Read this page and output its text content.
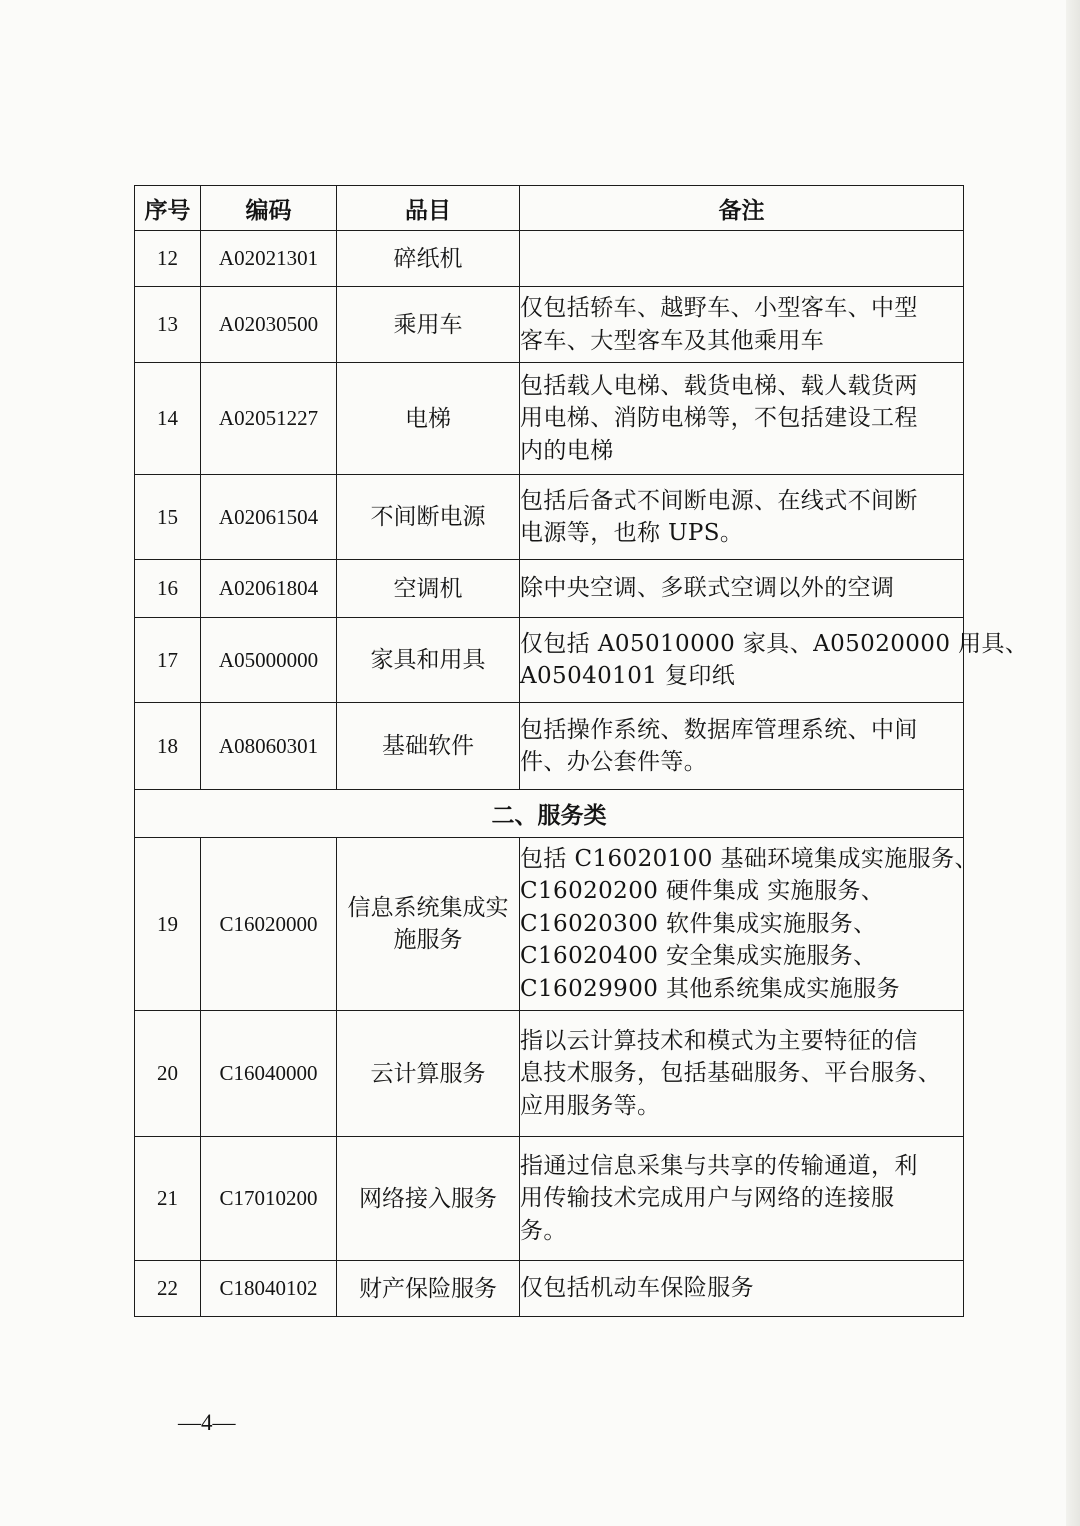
序号	编码	品目	备注
12	A02021301	碎纸机	

13	A02030500	乘用车	仅包括轿车、越野车、小型客车、中型
客车、大型客车及其他乘用车

14	A02051227	电梯	包括载人电梯、载货电梯、载人载货两
用电梯、消防电梯等，不包括建设工程
内的电梯

15	A02061504	不间断电源	包括后备式不间断电源、在线式不间断
电源等，也称 UPS。

16	A02061804	空调机	除中央空调、多联式空调以外的空调

17	A05000000	家具和用具	仅包括 A05010000 家具、A05020000 用具、
A05040101 复印纸

18	A08060301	基础软件	包括操作系统、数据库管理系统、中间
件、办公套件等。

二、服务类			
19	C16020000	信息系统集成实
施服务	包括 C16020100 基础环境集成实施服务、
C16020200 硬件集成 实施服务、
C16020300 软件集成实施服务、
C16020400 安全集成实施服务、
C16029900 其他系统集成实施服务

20	C16040000	云计算服务	指以云计算技术和模式为主要特征的信
息技术服务，包括基础服务、平台服务、
应用服务等。

21	C17010200	网络接入服务	指通过信息采集与共享的传输通道，利
用传输技术完成用户与网络的连接服
务。

22	C18040102	财产保险服务	仅包括机动车保险服务
—4—
